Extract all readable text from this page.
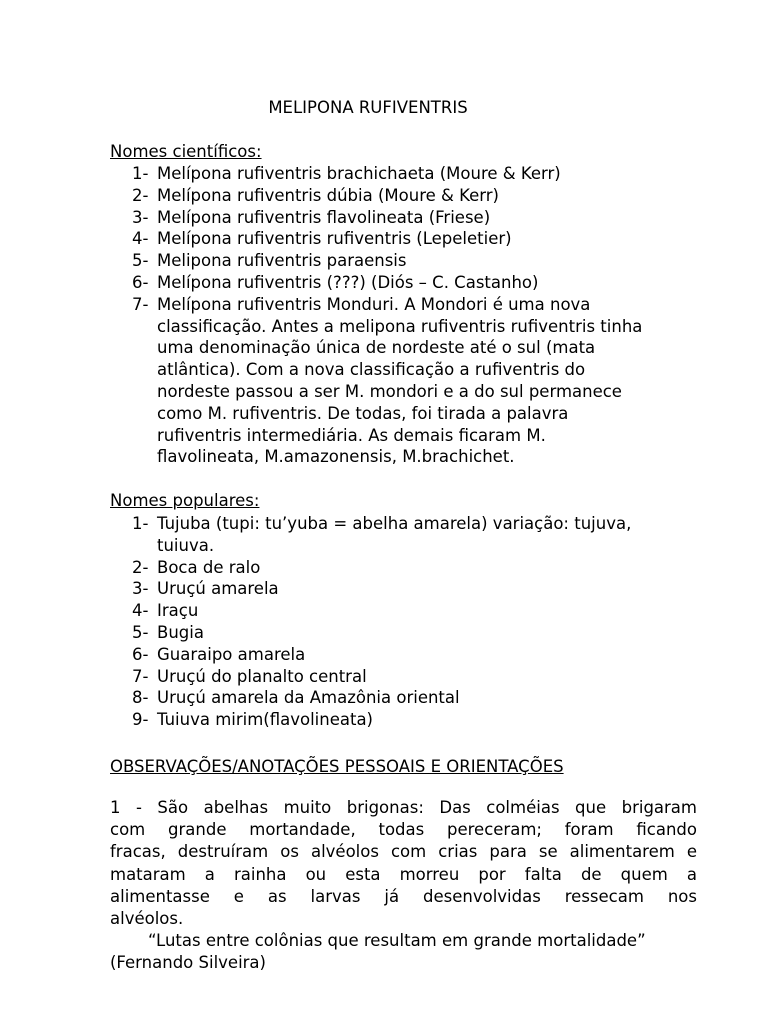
MELIPONA RUFIVENTRIS
Nomes científicos:
1- Melípona rufiventris brachichaeta (Moure & Kerr)
2- Melípona rufiventris dúbia (Moure & Kerr)
3- Melípona rufiventris flavolineata (Friese)
4- Melípona rufiventris rufiventris (Lepeletier)
5- Melipona rufiventris paraensis
6- Melípona rufiventris (???) (Diós – C. Castanho)
7- Melípona rufiventris Monduri. A Mondori é uma nova
classificação. Antes a melipona rufiventris rufiventris tinha
uma denominação única de nordeste até o sul (mata
atlântica). Com a nova classificação a rufiventris do
nordeste passou a ser M. mondori e a do sul permanece
como M. rufiventris. De todas, foi tirada a palavra
rufiventris intermediária. As demais ficaram M.
flavolineata, M.amazonensis, M.brachichet.
Nomes populares:
1- Tujuba (tupi: tu’yuba = abelha amarela) variação: tujuva,
tuiuva.
2- Boca de ralo
3- Uruçú amarela
4- Iraçu
5- Bugia
6- Guaraipo amarela
7- Uruçú do planalto central
8- Uruçú amarela da Amazônia oriental
9- Tuiuva mirim(flavolineata)
OBSERVAÇÕES/ANOTAÇÕES PESSOAIS E ORIENTAÇÕES
1 - São abelhas muito brigonas: Das colméias que brigaram
com grande mortandade, todas pereceram; foram ficando
fracas, destruíram os alvéolos com crias para se alimentarem e
mataram a rainha ou esta morreu por falta de quem a
alimentasse e as larvas já desenvolvidas ressecam nos
alvéolos.
“Lutas entre colônias que resultam em grande mortalidade”
(Fernando Silveira)
